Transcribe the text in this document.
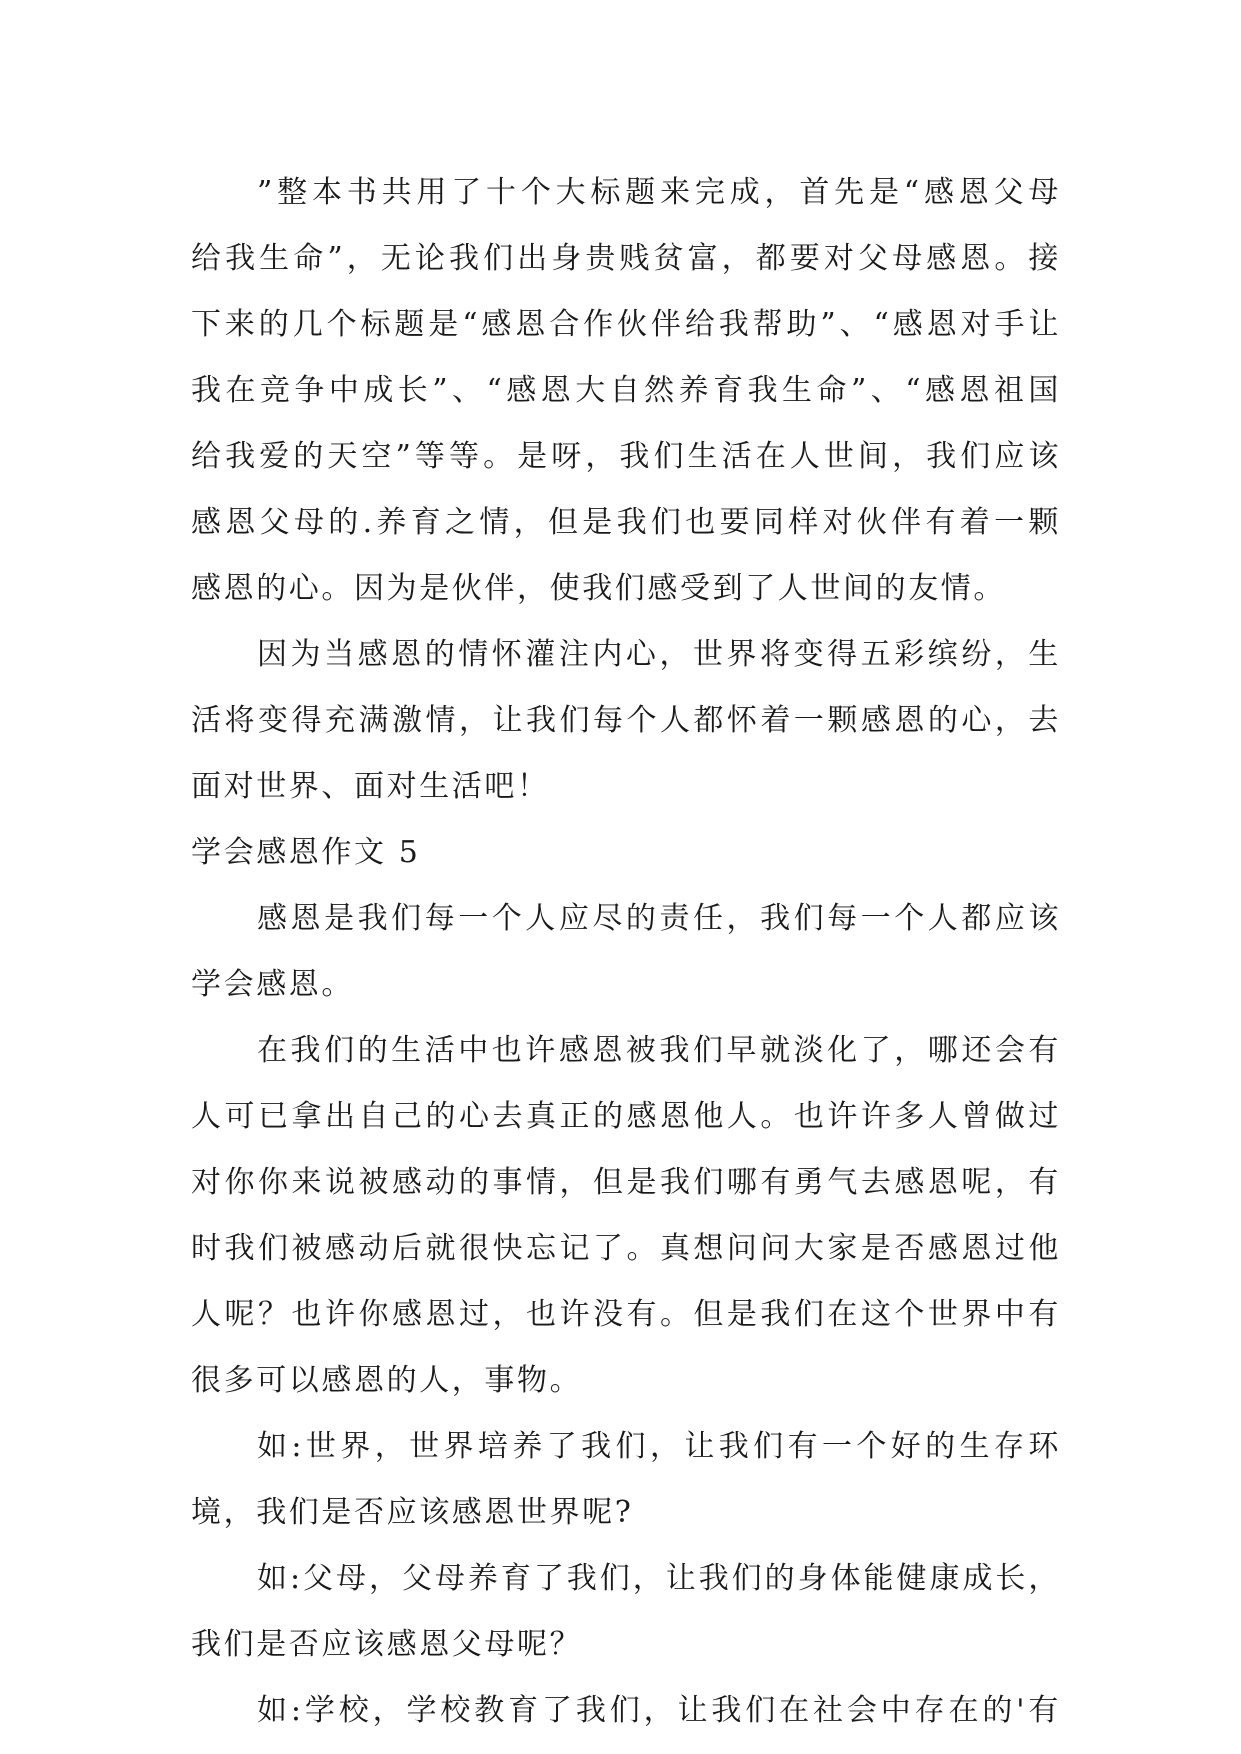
”整本书共用了十个大标题来完成，首先是“感恩父母
给我生命”，无论我们出身贵贱贫富，都要对父母感恩。接
下来的几个标题是“感恩合作伙伴给我帮助”、“感恩对手让
我在竞争中成长”、“感恩大自然养育我生命”、“感恩祖国
给我爱的天空”等等。是呀，我们生活在人世间，我们应该
感恩父母的.养育之情，但是我们也要同样对伙伴有着一颗
感恩的心。因为是伙伴，使我们感受到了人世间的友情。
因为当感恩的情怀灌注内心，世界将变得五彩缤纷，生
活将变得充满激情，让我们每个人都怀着一颗感恩的心，去
面对世界、面对生活吧！
学会感恩作文 5
感恩是我们每一个人应尽的责任，我们每一个人都应该
学会感恩。
在我们的生活中也许感恩被我们早就淡化了，哪还会有
人可已拿出自己的心去真正的感恩他人。也许许多人曾做过
对你你来说被感动的事情，但是我们哪有勇气去感恩呢，有
时我们被感动后就很快忘记了。真想问问大家是否感恩过他
人呢？也许你感恩过，也许没有。但是我们在这个世界中有
很多可以感恩的人，事物。
如:世界，世界培养了我们，让我们有一个好的生存环
境，我们是否应该感恩世界呢?
如:父母，父母养育了我们，让我们的身体能健康成长，
我们是否应该感恩父母呢？
如:学校，学校教育了我们，让我们在社会中存在的'有
